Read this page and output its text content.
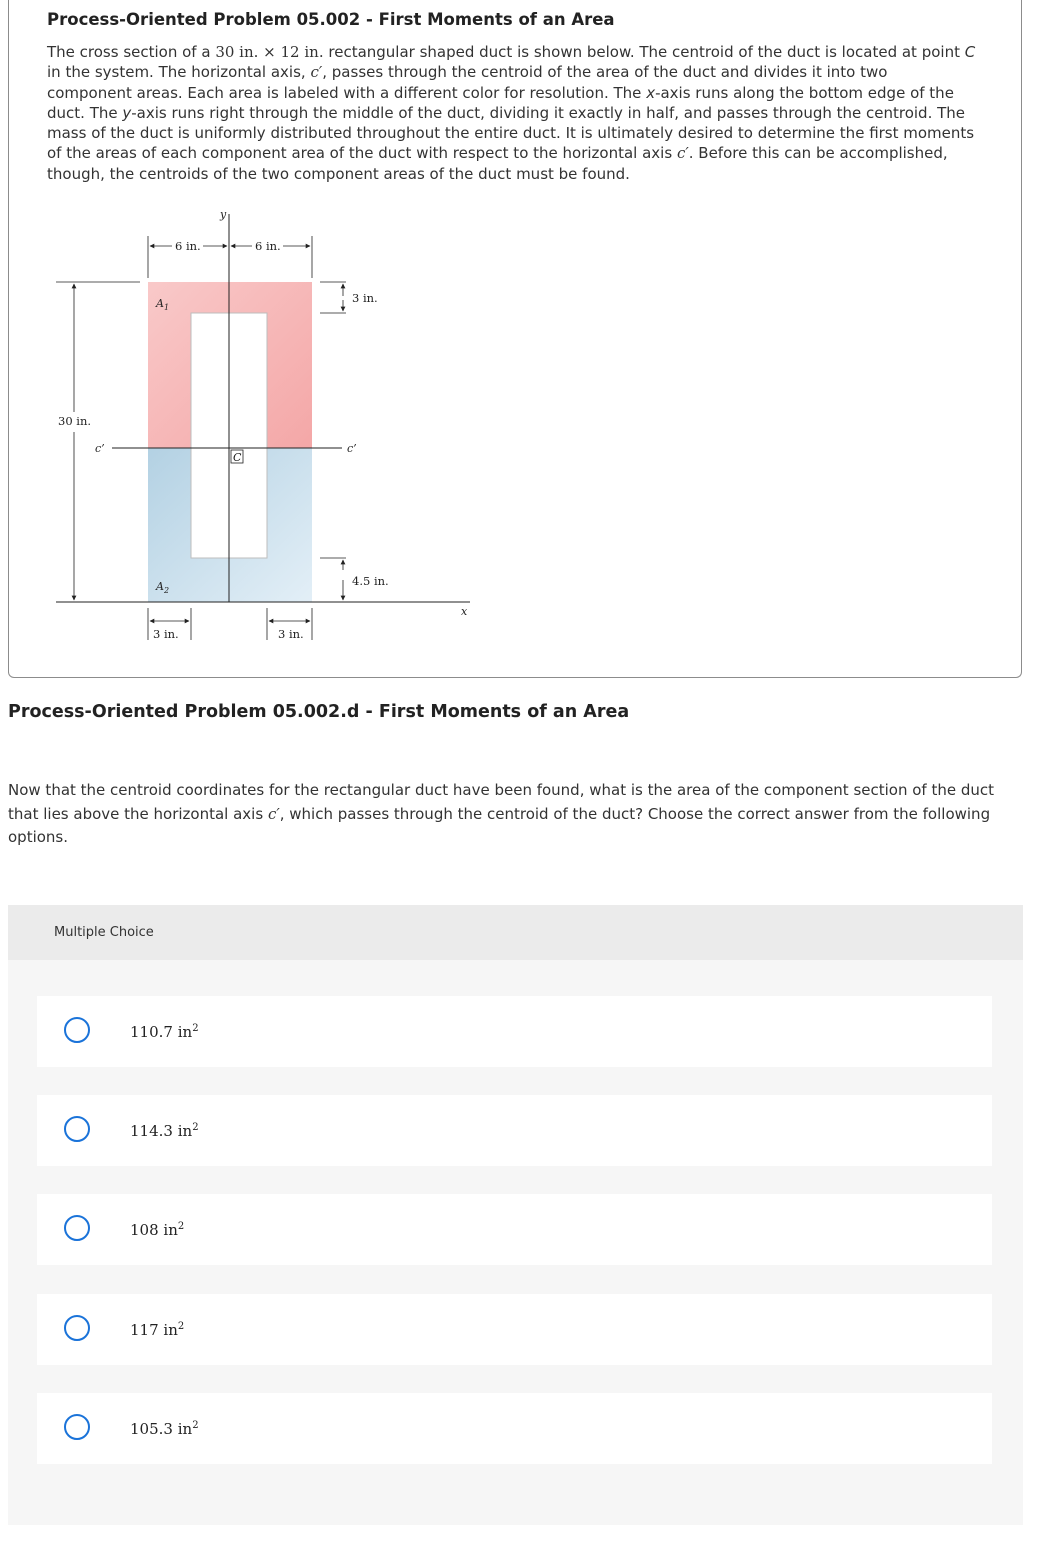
Process-Oriented Problem 05.002 - First Moments of an Area

The cross section of a 30 in. × 12 in. rectangular shaped duct is shown below. The centroid of the duct is located at point C in the system. The horizontal axis, c′, passes through the centroid of the area of the duct and divides it into two component areas. Each area is labeled with a different color for resolution. The x-axis runs along the bottom edge of the duct. The y-axis runs right through the middle of the duct, dividing it exactly in half, and passes through the centroid. The mass of the duct is uniformly distributed throughout the entire duct. It is ultimately desired to determine the first moments of the areas of each component area of the duct with respect to the horizontal axis c′. Before this can be accomplished, though, the centroids of the two component areas of the duct must be found.

y
x
c’	c’
C
$A_1$
$A_2$
6 in.	6 in.
30 in.
3 in.
4.5 in.
3 in.	3 in.
Process-Oriented Problem 05.002.d - First Moments of an Area

Now that the centroid coordinates for the rectangular duct have been found, what is the area of the component section of the duct that lies above the horizontal axis c′, which passes through the centroid of the duct? Choose the correct answer from the following options.

Multiple Choice
110.7 $in^2$
114.3 $in^2$
108 $in^2$
117 $in^2$
105.3 $in^2$
